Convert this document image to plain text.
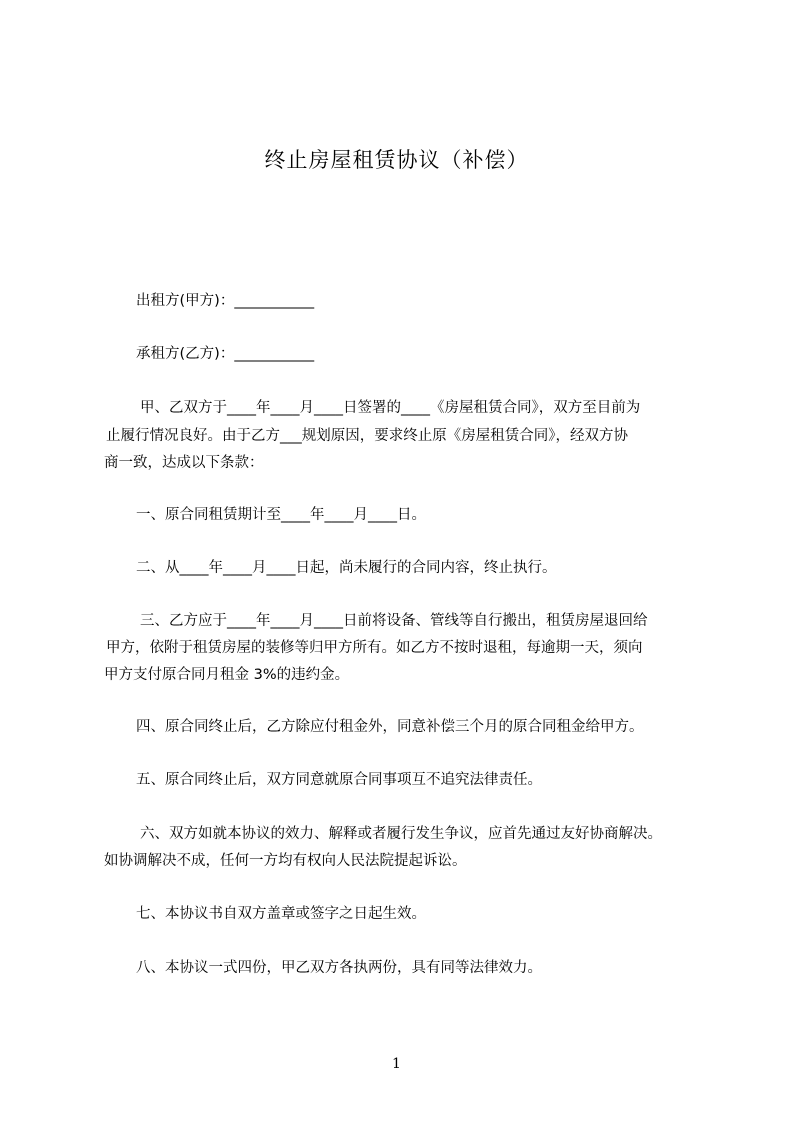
终止房屋租赁协议（补偿）

出租方(甲方)：___________

承租方(乙方)：___________

甲、乙双方于____年____月____日签署的____《房屋租赁合同》，双方至目前为

止履行情况良好。由于乙方___规划原因，要求终止原《房屋租赁合同》，经双方协

商一致，达成以下条款：

一、原合同租赁期计至____年____月____日。

二、从____年____月____日起，尚未履行的合同内容，终止执行。

三、乙方应于____年____月____日前将设备、管线等自行搬出，租赁房屋退回给

甲方，依附于租赁房屋的装修等归甲方所有。如乙方不按时退租，每逾期一天，须向

甲方支付原合同月租金 3%的违约金。

四、原合同终止后，乙方除应付租金外，同意补偿三个月的原合同租金给甲方。

五、原合同终止后，双方同意就原合同事项互不追究法律责任。

六、双方如就本协议的效力、解释或者履行发生争议，应首先通过友好协商解决。

如协调解决不成，任何一方均有权向人民法院提起诉讼。

七、本协议书自双方盖章或签字之日起生效。

八、本协议一式四份，甲乙双方各执两份，具有同等法律效力。

1
